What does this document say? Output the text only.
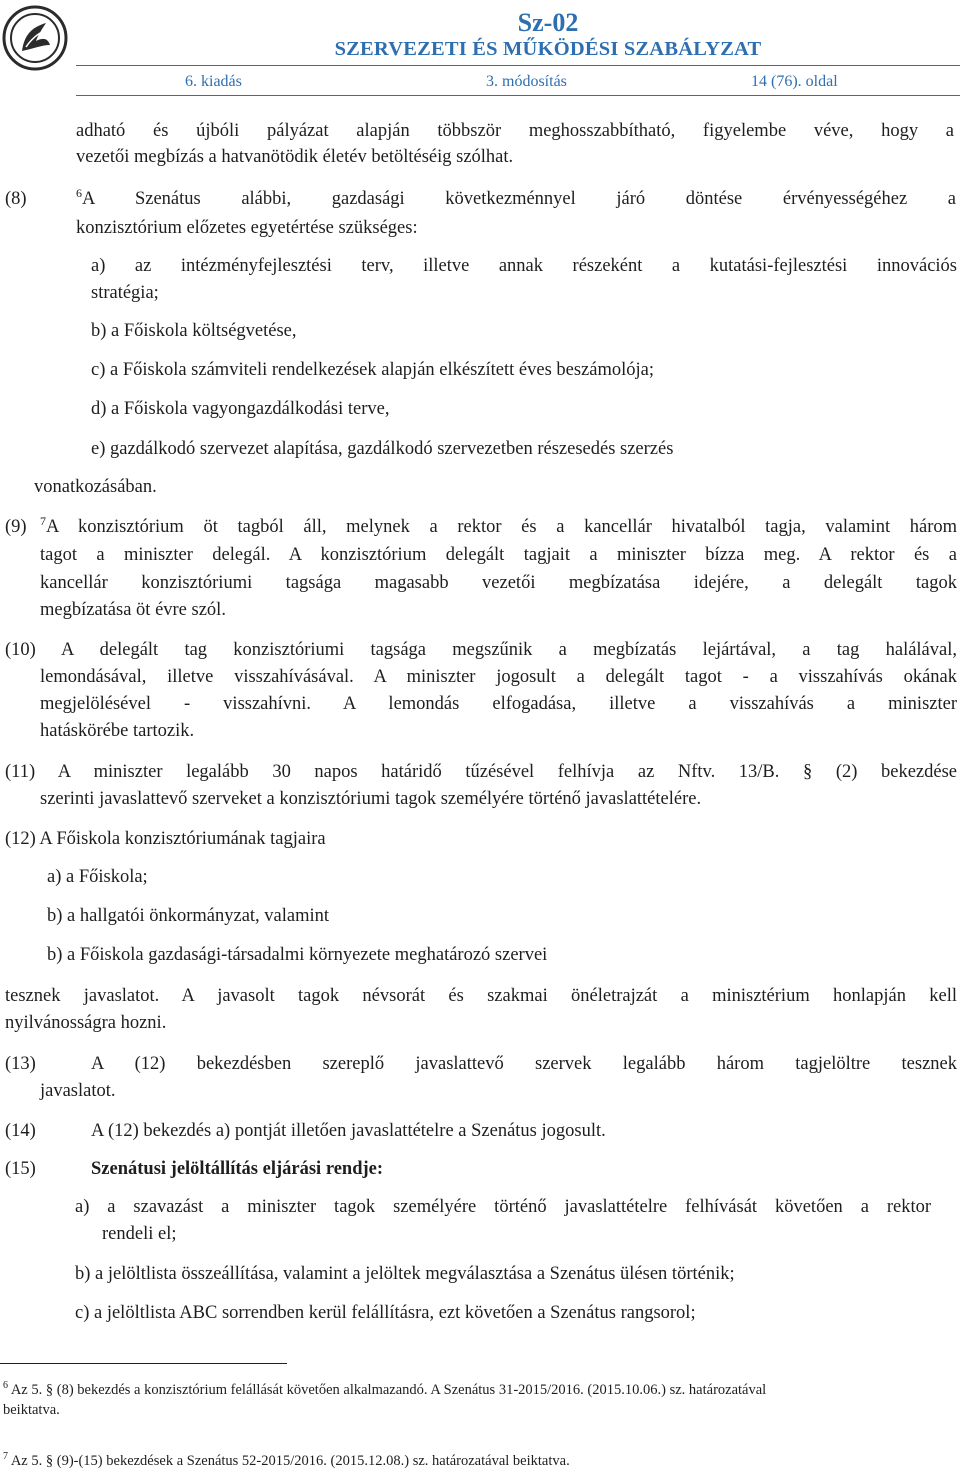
Sz-02
SZERVEZETI ÉS MŰKÖDÉSI SZABÁLYZAT
6. kiadás	3. módosítás	14 (76). oldal
adható és újbóli pályázat alapján többször meghosszabbítható, figyelembe véve, hogy a
vezetői megbízás a hatvanötödik életév betöltéséig szólhat.
(8)	$^6$A Szenátus alábbi, gazdasági következménnyel járó döntése érvényességéhez a
konzisztórium előzetes egyetértése szükséges:
a) az intézményfejlesztési terv, illetve annak részeként a kutatási-fejlesztési innovációs
stratégia;
b) a Főiskola költségvetése,
c) a Főiskola számviteli rendelkezések alapján elkészített éves beszámolója;
d) a Főiskola vagyongazdálkodási terve,
e) gazdálkodó szervezet alapítása, gazdálkodó szervezetben részesedés szerzés
vonatkozásában.
(9) $^7$A konzisztórium öt tagból áll, melynek a rektor és a kancellár hivatalból tagja, valamint három
tagot a miniszter delegál. A konzisztórium delegált tagjait a miniszter bízza meg. A rektor és a
kancellár konzisztóriumi tagsága magasabb vezetői megbízatása idejére, a delegált tagok
megbízatása öt évre szól.
(10) A delegált tag konzisztóriumi tagsága megszűnik a megbízatás lejártával, a tag halálával,
lemondásával, illetve visszahívásával. A miniszter jogosult a delegált tagot - a visszahívás okának
megjelölésével - visszahívni. A lemondás elfogadása, illetve a visszahívás a miniszter
hatáskörébe tartozik.
(11) A miniszter legalább 30 napos határidő tűzésével felhívja az Nftv. 13/B. § (2) bekezdése
szerinti javaslattevő szerveket a konzisztóriumi tagok személyére történő javaslattételére.
(12) A Főiskola konzisztóriumának tagjaira
a) a Főiskola;
b) a hallgatói önkormányzat, valamint
b) a Főiskola gazdasági-társadalmi környezete meghatározó szervei
tesznek javaslatot. A javasolt tagok névsorát és szakmai önéletrajzát a minisztérium honlapján kell
nyilvánosságra hozni.
(13)	A (12) bekezdésben szereplő javaslattevő szervek legalább három tagjelöltre tesznek
javaslatot.
(14)	A (12) bekezdés a) pontját illetően javaslattételre a Szenátus jogosult.
(15)	Szenátusi jelöltállítás eljárási rendje:
a) a szavazást a miniszter tagok személyére történő javaslattételre felhívását követően a rektor
rendeli el;
b) a jelöltlista összeállítása, valamint a jelöltek megválasztása a Szenátus ülésen történik;
c) a jelöltlista ABC sorrendben kerül felállításra, ezt követően a Szenátus rangsorol;
$^6$ Az 5. § (8) bekezdés a konzisztórium felállását követően alkalmazandó. A Szenátus 31-2015/2016. (2015.10.06.) sz. határozatával
beiktatva.
$^7$ Az 5. § (9)-(15) bekezdések a Szenátus 52-2015/2016. (2015.12.08.) sz. határozatával beiktatva.
